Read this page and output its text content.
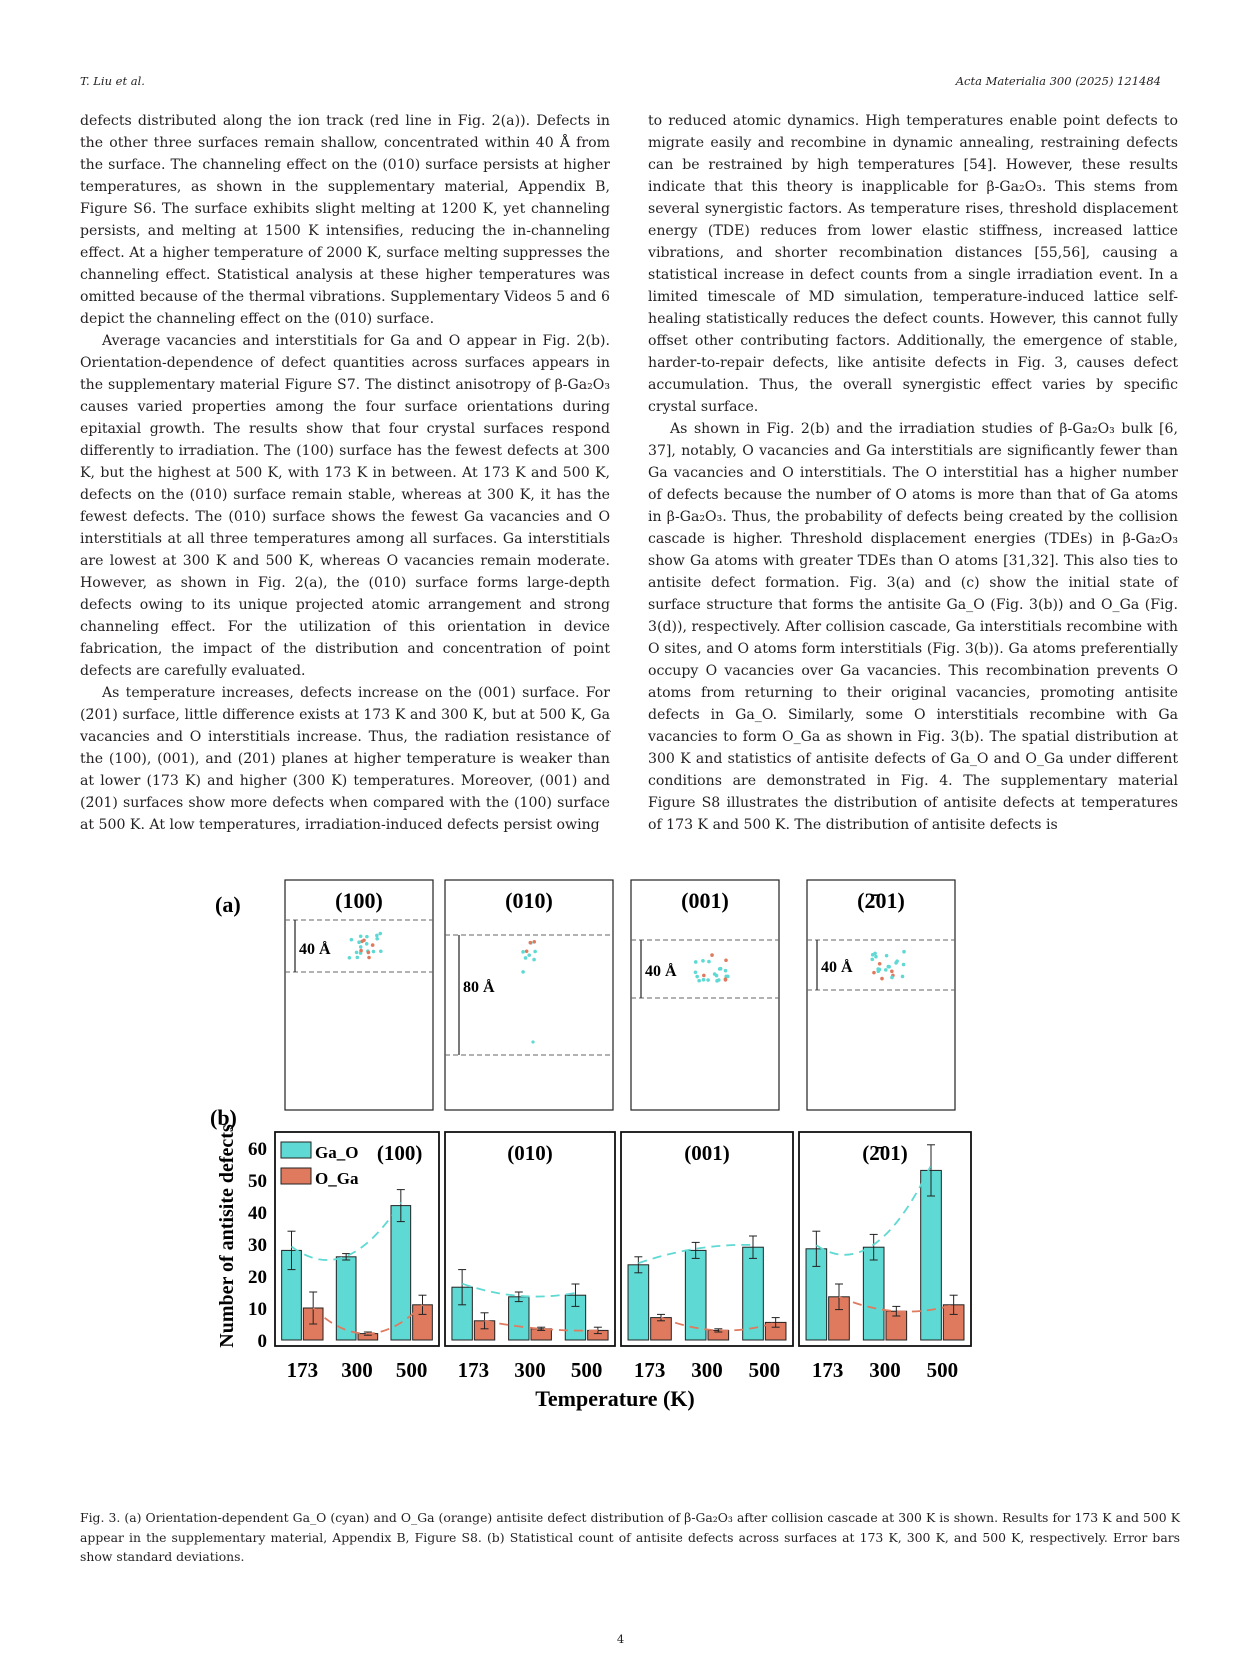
T. Liu et al.	Acta Materialia 300 (2025) 121484

defects distributed along the ion track (red line in Fig. 2(a)). Defects in the other three surfaces remain shallow, concentrated within 40 Å from the surface. The channeling effect on the (010) surface persists at higher temperatures, as shown in the supplementary material, Appendix B, Figure S6. The surface exhibits slight melting at 1200 K, yet channeling persists, and melting at 1500 K intensifies, reducing the in-channeling effect. At a higher temperature of 2000 K, surface melting suppresses the channeling effect. Statistical analysis at these higher temperatures was omitted because of the thermal vibrations. Supplementary Videos 5 and 6 depict the channeling effect on the (010) surface.

Average vacancies and interstitials for Ga and O appear in Fig. 2(b). Orientation-dependence of defect quantities across surfaces appears in the supplementary material Figure S7. The distinct anisotropy of β-Ga₂O₃ causes varied properties among the four surface orientations during epitaxial growth. The results show that four crystal surfaces respond differently to irradiation. The (100) surface has the fewest defects at 300 K, but the highest at 500 K, with 173 K in between. At 173 K and 500 K, defects on the (010) surface remain stable, whereas at 300 K, it has the fewest defects. The (010) surface shows the fewest Ga vacancies and O interstitials at all three temperatures among all surfaces. Ga interstitials are lowest at 300 K and 500 K, whereas O vacancies remain moderate. However, as shown in Fig. 2(a), the (010) surface forms large-depth defects owing to its unique projected atomic arrangement and strong channeling effect. For the utilization of this orientation in device fabrication, the impact of the distribution and concentration of point defects are carefully evaluated.

As temperature increases, defects increase on the (001) surface. For (2̄01) surface, little difference exists at 173 K and 300 K, but at 500 K, Ga vacancies and O interstitials increase. Thus, the radiation resistance of the (100), (001), and (2̄01) planes at higher temperature is weaker than at lower (173 K) and higher (300 K) temperatures. Moreover, (001) and (2̄01) surfaces show more defects when compared with the (100) surface at 500 K. At low temperatures, irradiation-induced defects persist owing

to reduced atomic dynamics. High temperatures enable point defects to migrate easily and recombine in dynamic annealing, restraining defects can be restrained by high temperatures [54]. However, these results indicate that this theory is inapplicable for β-Ga₂O₃. This stems from several synergistic factors. As temperature rises, threshold displacement energy (TDE) reduces from lower elastic stiffness, increased lattice vibrations, and shorter recombination distances [55,56], causing a statistical increase in defect counts from a single irradiation event. In a limited timescale of MD simulation, temperature-induced lattice self-healing statistically reduces the defect counts. However, this cannot fully offset other contributing factors. Additionally, the emergence of stable, harder-to-repair defects, like antisite defects in Fig. 3, causes defect accumulation. Thus, the overall synergistic effect varies by specific crystal surface.

As shown in Fig. 2(b) and the irradiation studies of β-Ga₂O₃ bulk [6, 37], notably, O vacancies and Ga interstitials are significantly fewer than Ga vacancies and O interstitials. The O interstitial has a higher number of defects because the number of O atoms is more than that of Ga atoms in β-Ga₂O₃. Thus, the probability of defects being created by the collision cascade is higher. Threshold displacement energies (TDEs) in β-Ga₂O₃ show Ga atoms with greater TDEs than O atoms [31,32]. This also ties to antisite defect formation. Fig. 3(a) and (c) show the initial state of surface structure that forms the antisite Ga_O (Fig. 3(b)) and O_Ga (Fig. 3(d)), respectively. After collision cascade, Ga interstitials recombine with O sites, and O atoms form interstitials (Fig. 3(b)). Ga atoms preferentially occupy O vacancies over Ga vacancies. This recombination prevents O atoms from returning to their original vacancies, promoting antisite defects in Ga_O. Similarly, some O interstitials recombine with Ga vacancies to form O_Ga as shown in Fig. 3(b). The spatial distribution at 300 K and statistics of antisite defects of Ga_O and O_Ga under different conditions are demonstrated in Fig. 4. The supplementary material Figure S8 illustrates the distribution of antisite defects at temperatures of 173 K and 500 K. The distribution of antisite defects is

(a)
(b)
(100)
40 Å
(010)
80 Å
(001)
40 Å
(2̄01)
40 Å
Number of antisite defects 0
10
20
30
40
50
60	(100)
173 300 500
(010)
173 300 500
(001)
173 300 500
(2̄01)
173 300 500
Ga_O
O_Ga
Temperature (K)
Fig. 3. (a) Orientation-dependent Ga_O (cyan) and O_Ga (orange) antisite defect distribution of β-Ga₂O₃ after collision cascade at 300 K is shown. Results for 173 K and 500 K appear in the supplementary material, Appendix B, Figure S8. (b) Statistical count of antisite defects across surfaces at 173 K, 300 K, and 500 K, respectively. Error bars show standard deviations.
4
